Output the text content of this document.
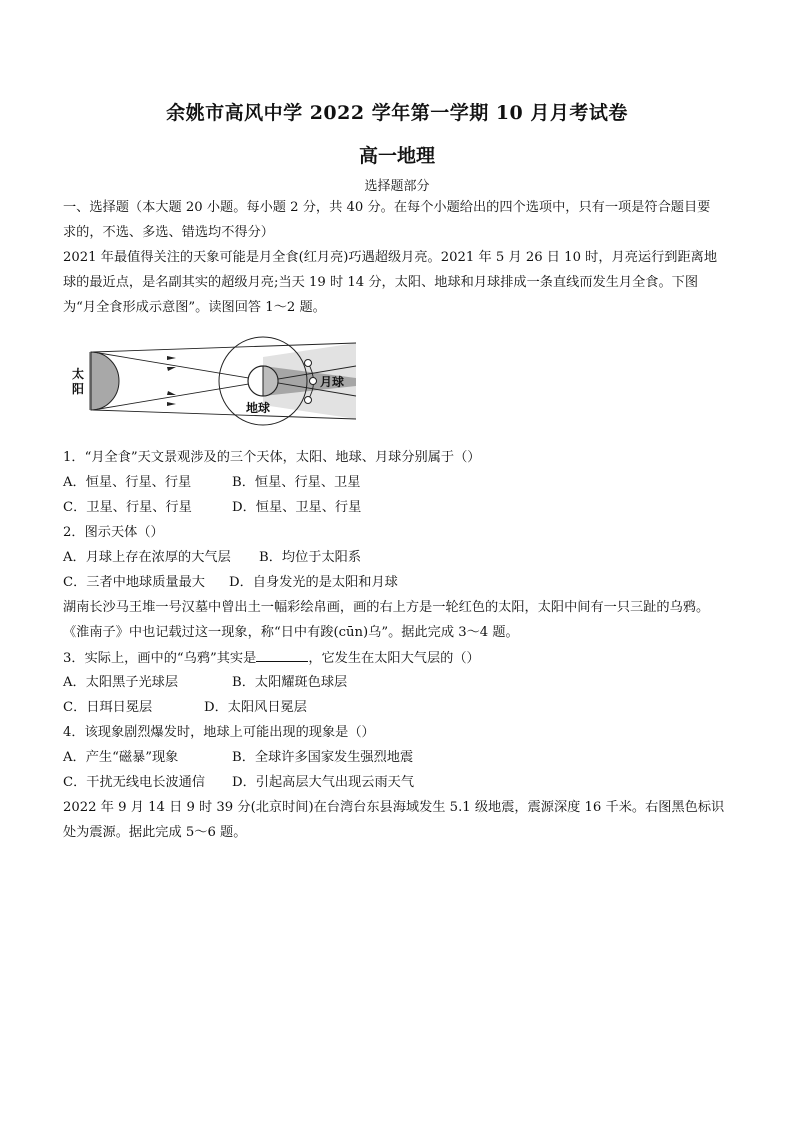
余姚市高风中学 2022 学年第一学期 10 月月考试卷
高一地理
选择题部分
一、选择题（本大题 20 小题。每小题 2 分，共 40 分。在每个小题给出的四个选项中，只有一项是符合题目要
求的，不选、多选、错选均不得分）
2021 年最值得关注的天象可能是月全食(红月亮)巧遇超级月亮。2021 年 5 月 26 日 10 时，月亮运行到距离地
球的最近点，是名副其实的超级月亮;当天 19 时 14 分，太阳、地球和月球排成一条直线而发生月全食。下图
为“月全食形成示意图”。读图回答 1～2 题。
太
阳
地球
月球
1．“月全食”天文景观涉及的三个天体，太阳、地球、月球分别属于（）
A．恒星、行星、行星	B．恒星、行星、卫星
C．卫星、行星、行星	D．恒星、卫星、行星
2．图示天体（）
A．月球上存在浓厚的大气层 B．均位于太阳系
C．三者中地球质量最大 D．自身发光的是太阳和月球
湖南长沙马王堆一号汉墓中曾出土一幅彩绘帛画，画的右上方是一轮红色的太阳，太阳中间有一只三趾的乌鸦。
《淮南子》中也记载过这一现象，称“日中有踆(cūn)乌”。据此完成 3～4 题。
3．实际上，画中的“乌鸦”其实是	，它发生在太阳大气层的（）
A．太阳黑子光球层	B．太阳耀斑色球层
C．日珥日冕层	D．太阳风日冕层
4．该现象剧烈爆发时，地球上可能出现的现象是（）
A．产生“磁暴”现象	B．全球许多国家发生强烈地震
C．干扰无线电长波通信 D．引起高层大气出现云雨天气
2022 年 9 月 14 日 9 时 39 分(北京时间)在台湾台东县海域发生 5.1 级地震，震源深度 16 千米。右图黑色标识
处为震源。据此完成 5～6 题。
